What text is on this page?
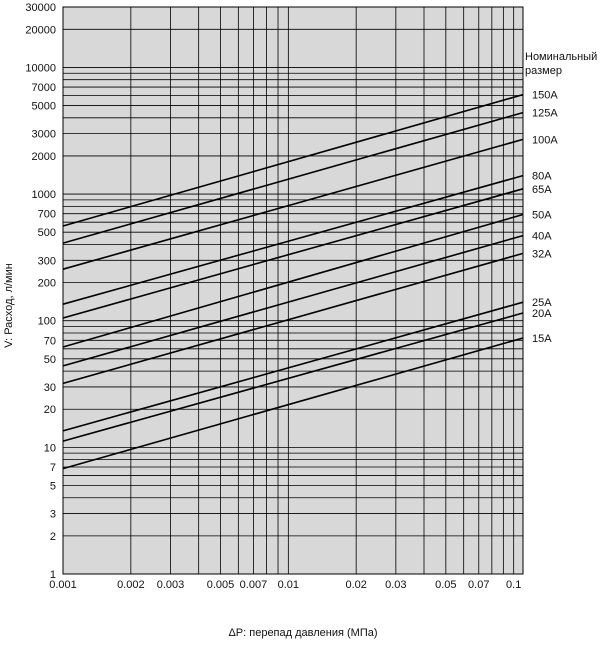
0.001	0.002 0.003 0.005 0.007 0.01	0.02 0.03	0.05 0.07 0.1
1
2
3
5
7
10
20
30
50
70
100
200
300
500
700
1000
2000
3000
5000
7000
10000
20000
30000
Номинальный
размер
150A
125A
100A
80A
65A
50A
40A
32A
25A
20A
15A
ΔP: перепад давления (МПа)
V: Расход, л/мин
